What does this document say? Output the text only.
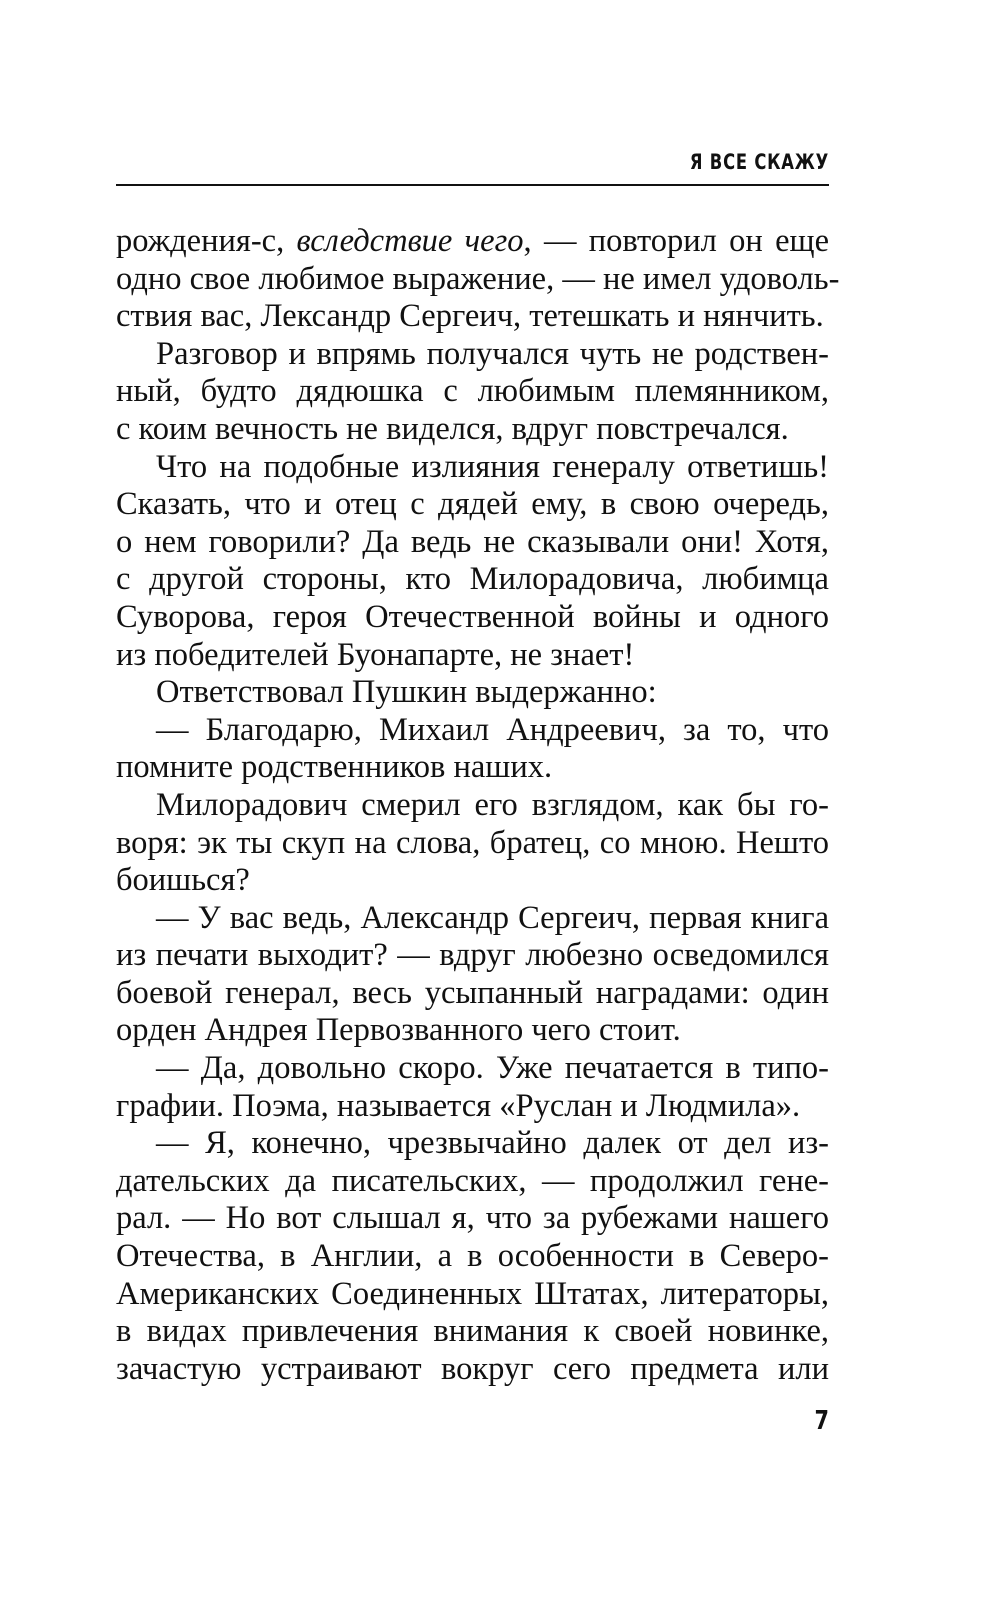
Я ВСЕ СКАЖУ
рождения-с, вследствие чего, — повторил он еще
одно свое любимое выражение, — не имел удоволь-
ствия вас, Лександр Сергеич, тетешкать и нянчить.
Разговор и впрямь получался чуть не родствен-
ный, будто дядюшка с любимым племянником,
с коим вечность не виделся, вдруг повстречался.
Что на подобные излияния генералу ответишь!
Сказать, что и отец с дядей ему, в свою очередь,
о нем говорили? Да ведь не сказывали они! Хотя,
с другой стороны, кто Милорадовича, любимца
Суворова, героя Отечественной войны и одного
из победителей Буонапарте, не знает!
Ответствовал Пушкин выдержанно:
— Благодарю, Михаил Андреевич, за то, что
помните родственников наших.
Милорадович смерил его взглядом, как бы го-
воря: эк ты скуп на слова, братец, со мною. Нешто
боишься?
— У вас ведь, Александр Сергеич, первая книга
из печати выходит? — вдруг любезно осведомился
боевой генерал, весь усыпанный наградами: один
орден Андрея Первозванного чего стоит.
— Да, довольно скоро. Уже печатается в типо-
графии. Поэма, называется «Руслан и Людмила».
— Я, конечно, чрезвычайно далек от дел из-
дательских да писательских, — продолжил гене-
рал. — Но вот слышал я, что за рубежами нашего
Отечества, в Англии, а в особенности в Северо-
Американских Соединенных Штатах, литераторы,
в видах привлечения внимания к своей новинке,
зачастую устраивают вокруг сего предмета или
7
